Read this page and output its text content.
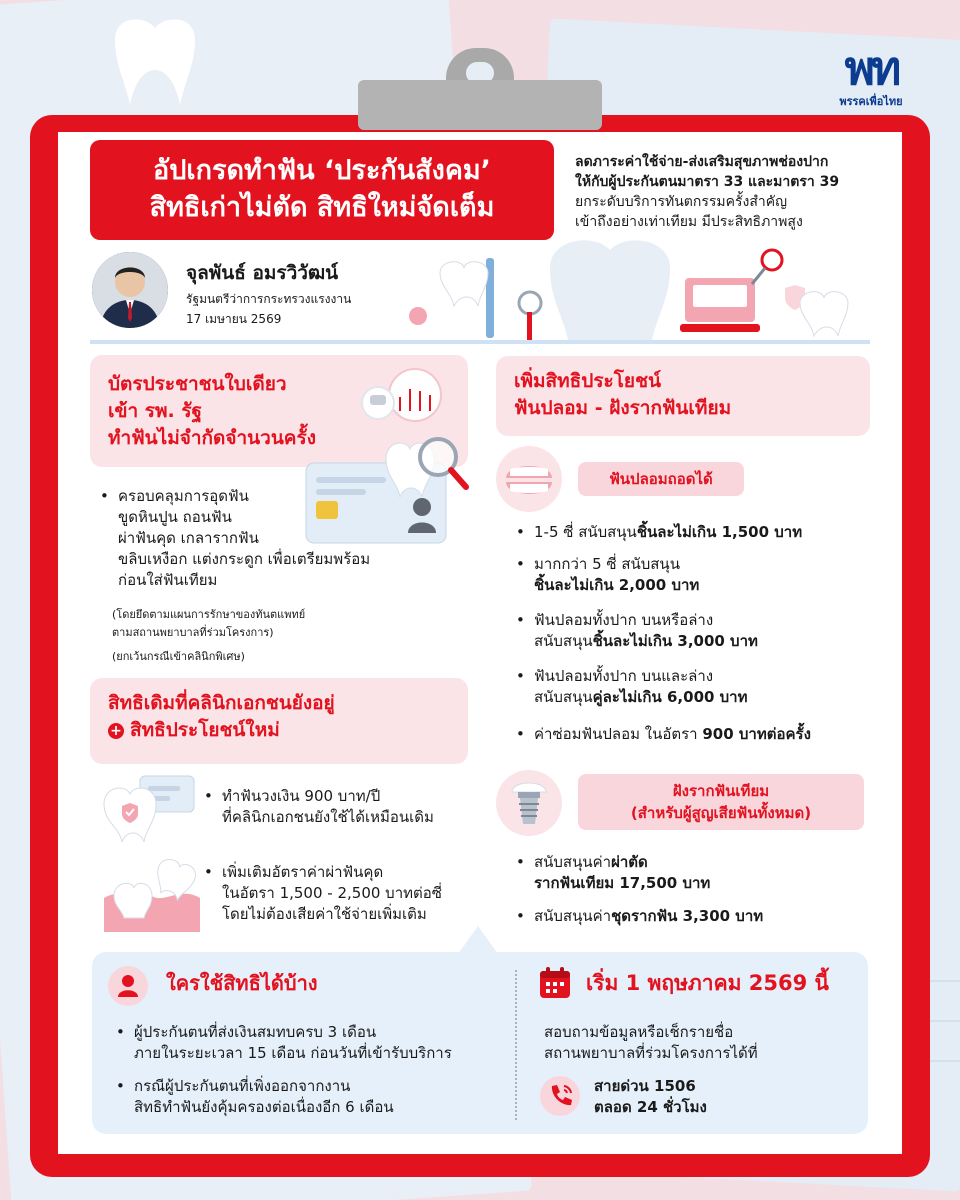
พท
พรรคเพื่อไทย
อัปเกรดทำฟัน ‘ประกันสังคม’
สิทธิเก่าไม่ตัด สิทธิใหม่จัดเต็ม
ลดภาระค่าใช้จ่าย-ส่งเสริมสุขภาพช่องปาก
ให้กับผู้ประกันตนมาตรา 33 และมาตรา 39
ยกระดับบริการทันตกรรมครั้งสำคัญ
เข้าถึงอย่างเท่าเทียม มีประสิทธิภาพสูง
จุลพันธ์ อมรวิวัฒน์
รัฐมนตรีว่าการกระทรวงแรงงาน
17 เมษายน 2569
บัตรประชาชนใบเดียว
เข้า รพ. รัฐ
ทำฟันไม่จำกัดจำนวนครั้ง
• ครอบคลุมการอุดฟัน
ขูดหินปูน ถอนฟัน
ผ่าฟันคุด เกลารากฟัน
ขลิบเหงือก แต่งกระดูก เพื่อเตรียมพร้อม
ก่อนใส่ฟันเทียม
(โดยยึดตามแผนการรักษาของทันตแพทย์
ตามสถานพยาบาลที่ร่วมโครงการ)
(ยกเว้นกรณีเข้าคลินิกพิเศษ)
สิทธิเดิมที่คลินิกเอกชนยังอยู่
+ สิทธิประโยชน์ใหม่
• ทำฟันวงเงิน 900 บาท/ปี
ที่คลินิกเอกชนยังใช้ได้เหมือนเดิม
• เพิ่มเติมอัตราค่าผ่าฟันคุด
ในอัตรา 1,500 - 2,500 บาทต่อซี่
โดยไม่ต้องเสียค่าใช้จ่ายเพิ่มเติม
เพิ่มสิทธิประโยชน์
ฟันปลอม - ฝังรากฟันเทียม
ฟันปลอมถอดได้
• 1-5 ซี่ สนับสนุนชิ้นละไม่เกิน 1,500 บาท
• มากกว่า 5 ซี่ สนับสนุน
ชิ้นละไม่เกิน 2,000 บาท
• ฟันปลอมทั้งปาก บนหรือล่าง
สนับสนุนชิ้นละไม่เกิน 3,000 บาท
• ฟันปลอมทั้งปาก บนและล่าง
สนับสนุนคู่ละไม่เกิน 6,000 บาท
• ค่าซ่อมฟันปลอม ในอัตรา 900 บาทต่อครั้ง
ฝังรากฟันเทียม
(สำหรับผู้สูญเสียฟันทั้งหมด)
• สนับสนุนค่าผ่าตัด
รากฟันเทียม 17,500 บาท
• สนับสนุนค่าชุดรากฟัน 3,300 บาท
ใครใช้สิทธิได้บ้าง
• ผู้ประกันตนที่ส่งเงินสมทบครบ 3 เดือน
ภายในระยะเวลา 15 เดือน ก่อนวันที่เข้ารับบริการ
• กรณีผู้ประกันตนที่เพิ่งออกจากงาน
สิทธิทำฟันยังคุ้มครองต่อเนื่องอีก 6 เดือน
เริ่ม 1 พฤษภาคม 2569 นี้
สอบถามข้อมูลหรือเช็กรายชื่อ
สถานพยาบาลที่ร่วมโครงการได้ที่
สายด่วน 1506
ตลอด 24 ชั่วโมง
